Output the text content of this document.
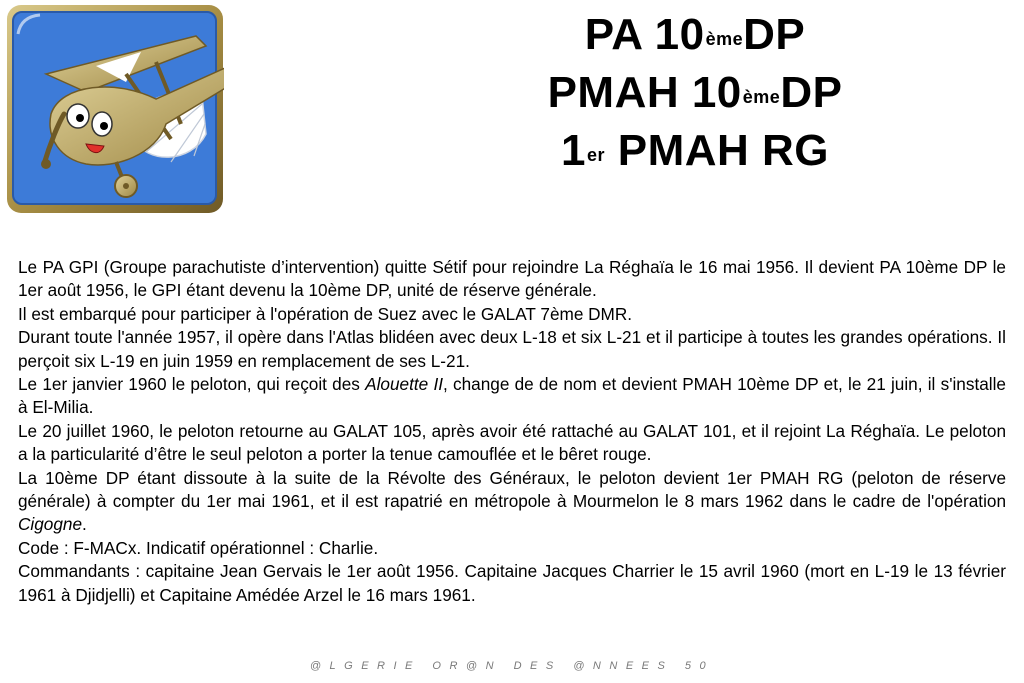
PA 10èmeDP
PMAH 10èmeDP
1er PMAH RG

Le PA GPI (Groupe parachutiste d’intervention) quitte Sétif pour rejoindre La Réghaïa le 16 mai 1956. Il devient PA 10ème DP le 1er août 1956, le GPI étant devenu la 10ème DP, unité de réserve générale.

Il est embarqué pour participer à l'opération de Suez avec le GALAT 7ème DMR.

Durant toute l'année 1957, il opère dans l'Atlas blidéen avec deux L-18 et six L-21 et il participe à toutes les grandes opérations. Il perçoit six L-19 en juin 1959 en remplacement de ses L-21.

Le 1er janvier 1960 le peloton, qui reçoit des Alouette II, change de de nom et devient PMAH 10ème DP et, le 21 juin, il s'installe à El-Milia.

Le 20 juillet 1960, le peloton retourne au GALAT 105, après avoir été rattaché au GALAT 101, et il rejoint La Réghaïa. Le peloton a la particularité d’être le seul peloton a porter la tenue camouflée et le bêret rouge.

La 10ème DP étant dissoute à la suite de la Révolte des Généraux, le peloton devient 1er PMAH RG (peloton de réserve générale) à compter du 1er mai 1961, et il est rapatrié en métropole à Mourmelon le 8 mars 1962 dans le cadre de l'opération Cigogne.

Code : F-MACx. Indicatif opérationnel : Charlie.

Commandants : capitaine Jean Gervais le 1er août 1956. Capitaine Jacques Charrier le 15 avril 1960 (mort en L-19 le 13 février 1961 à Djidjelli) et Capitaine Amédée Arzel le 16 mars 1961.

@LGERIE OR@N DES @NNEES 50
